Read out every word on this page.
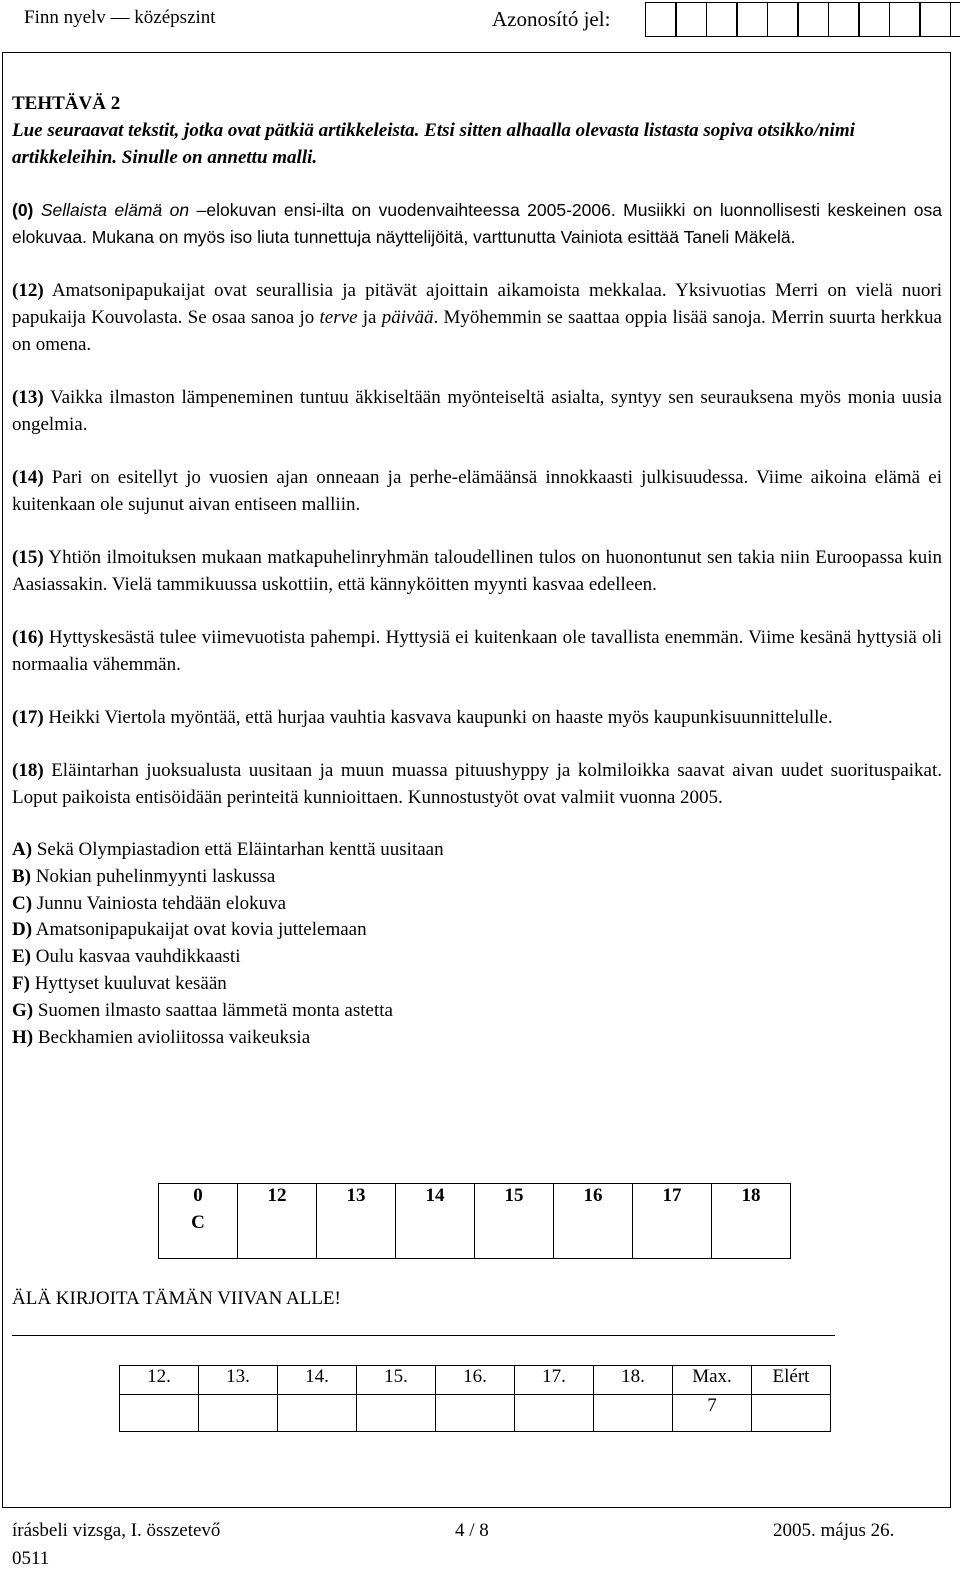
Finn nyelv — középszint	Azonosító jel:

TEHTÄVÄ 2

Lue seuraavat tekstit, jotka ovat pätkiä artikkeleista. Etsi sitten alhaalla olevasta listasta sopiva otsikko/nimi artikkeleihin. Sinulle on annettu malli.

(0) Sellaista elämä on –elokuvan ensi-ilta on vuodenvaihteessa 2005-2006. Musiikki on luonnollisesti keskeinen osa elokuvaa. Mukana on myös iso liuta tunnettuja näyttelijöitä, varttunutta Vainiota esittää Taneli Mäkelä.

(12) Amatsonipapukaijat ovat seurallisia ja pitävät ajoittain aikamoista mekkalaa. Yksivuotias Merri on vielä nuori papukaija Kouvolasta. Se osaa sanoa jo terve ja päivää. Myöhemmin se saattaa oppia lisää sanoja. Merrin suurta herkkua on omena.

(13) Vaikka ilmaston lämpeneminen tuntuu äkkiseltään myönteiseltä asialta, syntyy sen seurauksena myös monia uusia ongelmia.

(14) Pari on esitellyt jo vuosien ajan onneaan ja perhe-elämäänsä innokkaasti julkisuudessa. Viime aikoina elämä ei kuitenkaan ole sujunut aivan entiseen malliin.

(15) Yhtiön ilmoituksen mukaan matkapuhelinryhmän taloudellinen tulos on huonontunut sen takia niin Euroopassa kuin Aasiassakin. Vielä tammikuussa uskottiin, että kännyköitten myynti kasvaa edelleen.

(16) Hyttyskesästä tulee viimevuotista pahempi. Hyttysiä ei kuitenkaan ole tavallista enemmän. Viime kesänä hyttysiä oli normaalia vähemmän.

(17) Heikki Viertola myöntää, että hurjaa vauhtia kasvava kaupunki on haaste myös kaupunkisuunnittelulle.

(18) Eläintarhan juoksualusta uusitaan ja muun muassa pituushyppy ja kolmiloikka saavat aivan uudet suorituspaikat. Loput paikoista entisöidään perinteitä kunnioittaen. Kunnostustyöt ovat valmiit vuonna 2005.

A) Sekä Olympiastadion että Eläintarhan kenttä uusitaan
B) Nokian puhelinmyynti laskussa
C) Junnu Vainiosta tehdään elokuva
D) Amatsonipapukaijat ovat kovia juttelemaan
E) Oulu kasvaa vauhdikkaasti
F) Hyttyset kuuluvat kesään
G) Suomen ilmasto saattaa lämmetä monta astetta
H) Beckhamien avioliitossa vaikeuksia
0	12	13	14	15	16	17	18
C							
ÄLÄ KIRJOITA TÄMÄN VIIVAN ALLE!
12.	13.	14.	15.	16.	17.	18.	Max.	Elért
							7	
írásbeli vizsga, I. összetevő
0511
4 / 8	2005. május 26.
